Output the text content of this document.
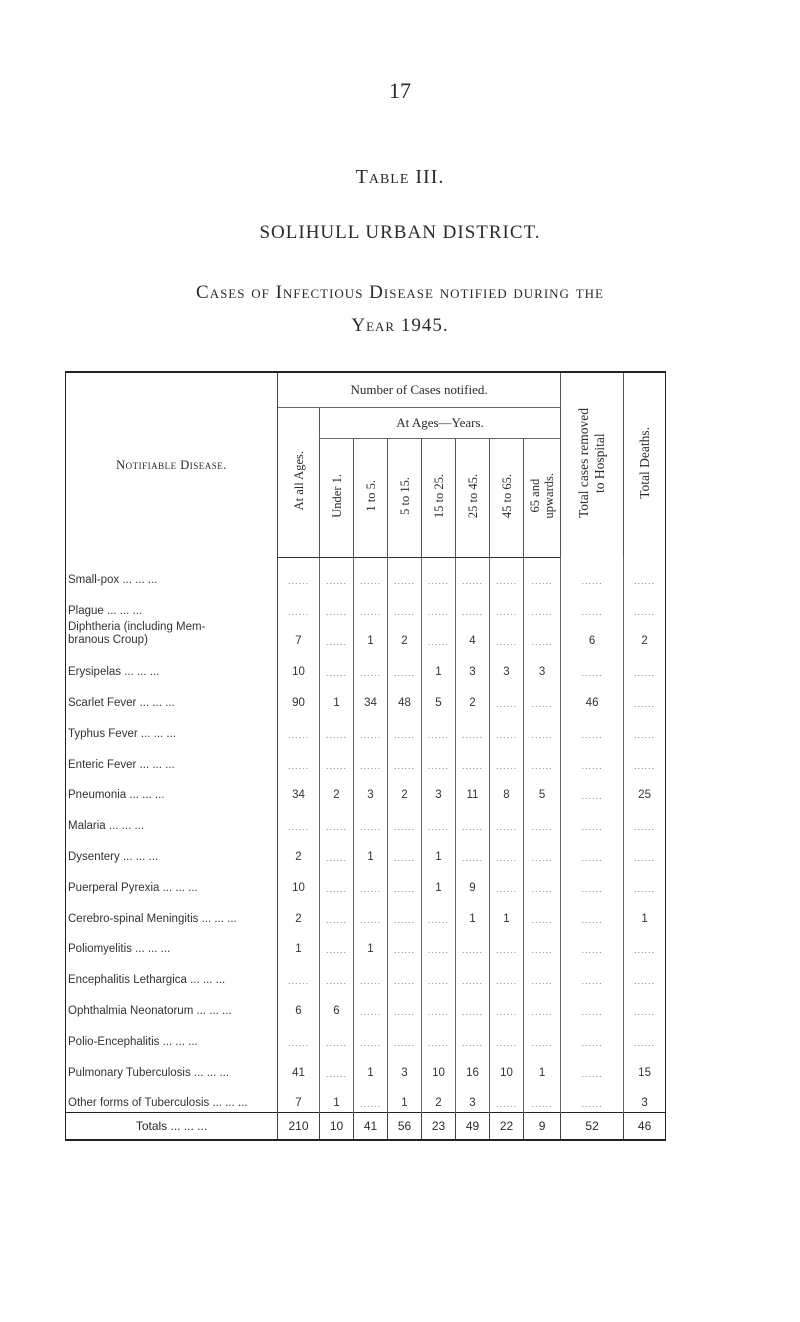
17
Table III.
SOLIHULL URBAN DISTRICT.
Cases of Infectious Disease notified during the
Year 1945.
Notifiable Disease.	Number of Cases notified.								Total cases removed
to Hospital	Total Deaths.
	At all Ages.	At Ages—Years.								
		Under 1.	1 to 5.	5 to 15.	15 to 25.	25 to 45.	45 to 65.	65 and
upwards.		
Small-pox ... ... ...	......	......	......	......	......	......	......	......	......	......
Plague ... ... ...	......	......	......	......	......	......	......	......	......	......
Diphtheria (including Mem-
branous Croup)	7	......	1	2	......	4	......	......	6	2
Erysipelas ... ... ...	10	......	......	......	1	3	3	3	......	......
Scarlet Fever ... ... ...	90	1	34	48	5	2	......	......	46	......
Typhus Fever ... ... ...	......	......	......	......	......	......	......	......	......	......
Enteric Fever ... ... ...	......	......	......	......	......	......	......	......	......	......
Pneumonia ... ... ...	34	2	3	2	3	11	8	5	......	25
Malaria ... ... ...	......	......	......	......	......	......	......	......	......	......
Dysentery ... ... ...	2	......	1	......	1	......	......	......	......	......
Puerperal Pyrexia ... ... ...	10	......	......	......	1	9	......	......	......	......
Cerebro-spinal Meningitis ... ... ...	2	......	......	......	......	1	1	......	......	1
Poliomyelitis ... ... ...	1	......	1	......	......	......	......	......	......	......
Encephalitis Lethargica ... ... ...	......	......	......	......	......	......	......	......	......	......
Ophthalmia Neonatorum ... ... ...	6	6	......	......	......	......	......	......	......	......
Polio-Encephalitis ... ... ...	......	......	......	......	......	......	......	......	......	......
Pulmonary Tuberculosis ... ... ...	41	......	1	3	10	16	10	1	......	15
Other forms of Tuberculosis ... ... ...	7	1	......	1	2	3	......	......	......	3
Totals ... ... ...	210	10	41	56	23	49	22	9	52	46
